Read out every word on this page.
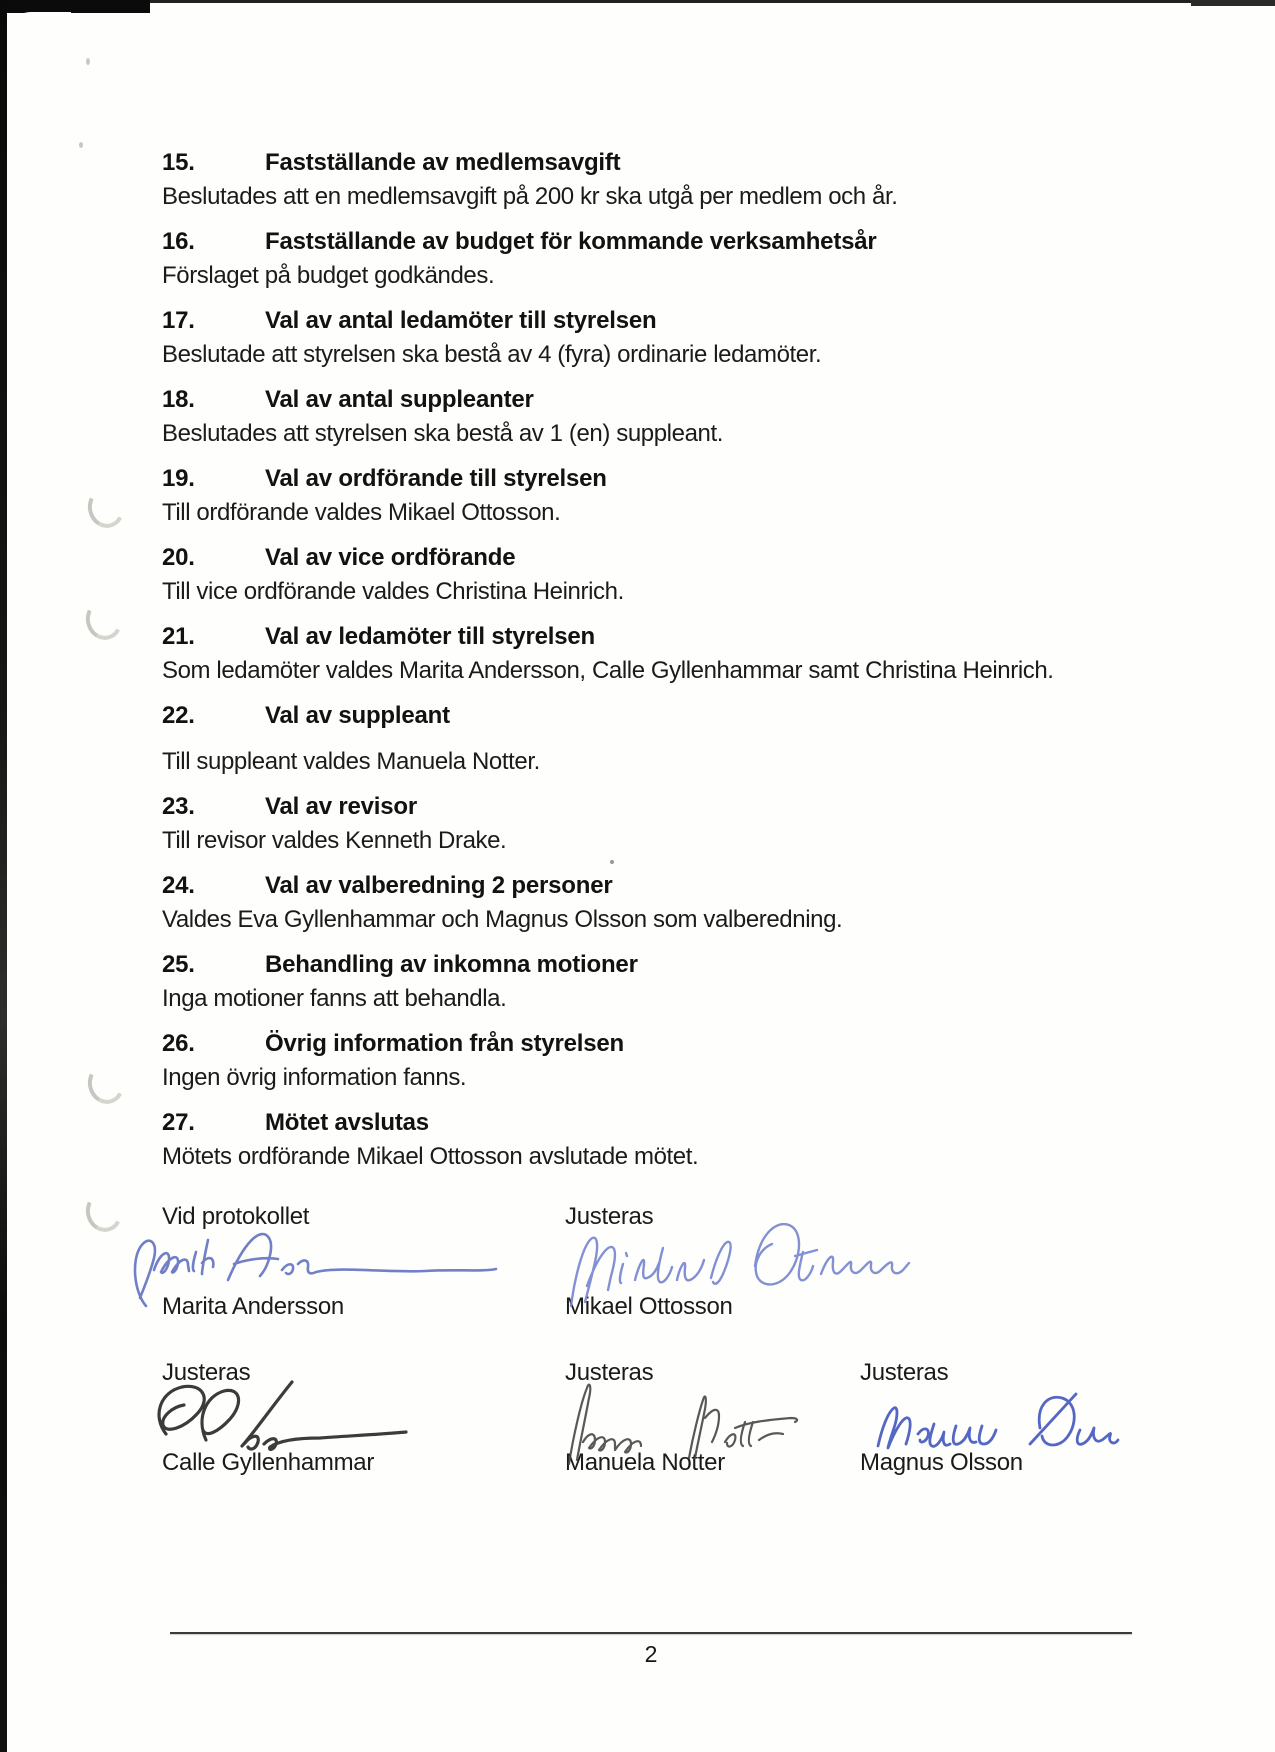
15.	Fastställande av medlemsavgift
Beslutades att en medlemsavgift på 200 kr ska utgå per medlem och år.
16.	Fastställande av budget för kommande verksamhetsår
Förslaget på budget godkändes.
17.	Val av antal ledamöter till styrelsen
Beslutade att styrelsen ska bestå av 4 (fyra) ordinarie ledamöter.
18.	Val av antal suppleanter
Beslutades att styrelsen ska bestå av 1 (en) suppleant.
19.	Val av ordförande till styrelsen
Till ordförande valdes Mikael Ottosson.
20.	Val av vice ordförande
Till vice ordförande valdes Christina Heinrich.
21.	Val av ledamöter till styrelsen
Som ledamöter valdes Marita Andersson, Calle Gyllenhammar samt Christina Heinrich.
22.	Val av suppleant
Till suppleant valdes Manuela Notter.
23.	Val av revisor
Till revisor valdes Kenneth Drake.
24.	Val av valberedning 2 personer
Valdes Eva Gyllenhammar och Magnus Olsson som valberedning.
25.	Behandling av inkomna motioner
Inga motioner fanns att behandla.
26.	Övrig information från styrelsen
Ingen övrig information fanns.
27.	Mötet avslutas
Mötets ordförande Mikael Ottosson avslutade mötet.
Vid protokollet	Justeras
Marita Andersson	Mikael Ottosson
Justeras	Justeras	Justeras
Calle Gyllenhammar	Manuela Notter	Magnus Olsson
2
